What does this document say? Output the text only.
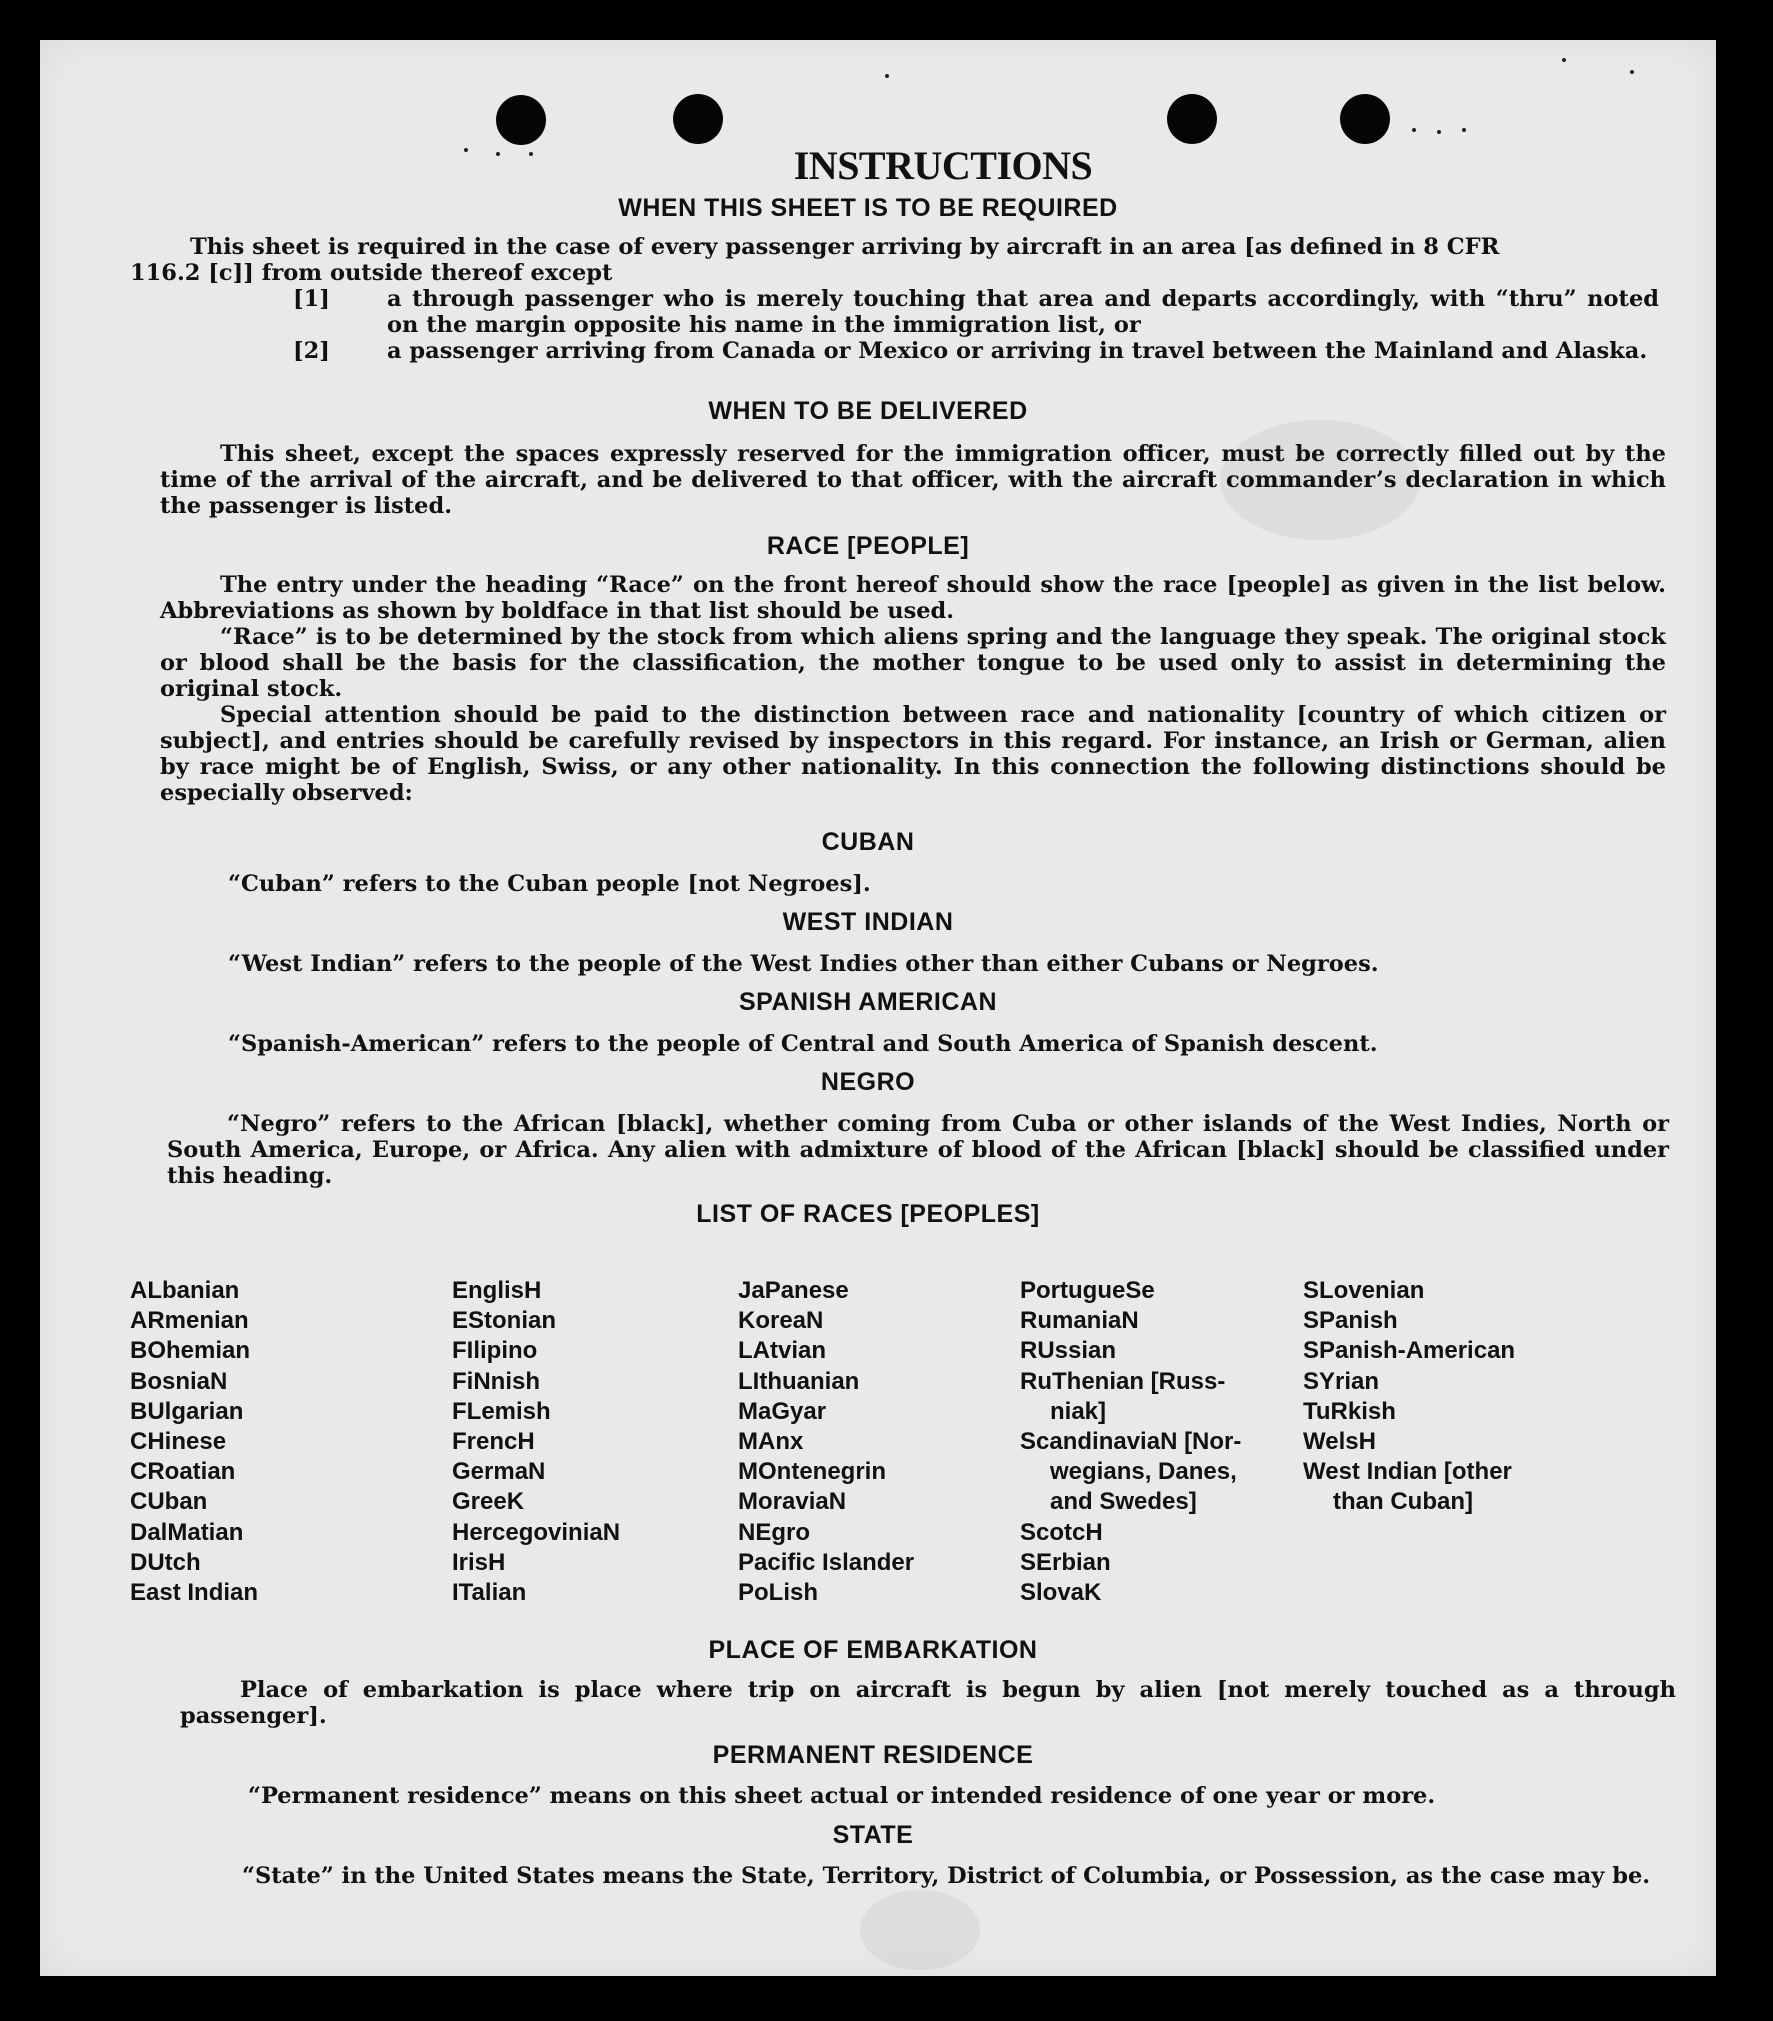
INSTRUCTIONS
WHEN THIS SHEET IS TO BE REQUIRED

This sheet is required in the case of every passenger arriving by aircraft in an area [as defined in 8 CFR
116.2 [c]] from outside thereof except

[1]	a through passenger who is merely touching that area and departs accordingly, with “thru” noted on the margin opposite his name in the immigration list, or
[2]	a passenger arriving from Canada or Mexico or arriving in travel between the Mainland and Alaska.
WHEN TO BE DELIVERED

This sheet, except the spaces expressly reserved for the immigration officer, must be correctly filled out by the time of the arrival of the aircraft, and be delivered to that officer, with the aircraft commander’s declaration in which the passenger is listed.

RACE [PEOPLE]

The entry under the heading “Race” on the front hereof should show the race [people] as given in the list below. Abbreviations as shown by boldface in that list should be used.

“Race” is to be determined by the stock from which aliens spring and the language they speak. The original stock or blood shall be the basis for the classification, the mother tongue to be used only to assist in determining the original stock.

Special attention should be paid to the distinction between race and nationality [country of which citizen or subject], and entries should be carefully revised by inspectors in this regard. For instance, an Irish or German, alien by race might be of English, Swiss, or any other nationality. In this connection the following distinctions should be especially observed:

CUBAN

“Cuban” refers to the Cuban people [not Negroes].

WEST INDIAN

“West Indian” refers to the people of the West Indies other than either Cubans or Negroes.

SPANISH AMERICAN

“Spanish-American” refers to the people of Central and South America of Spanish descent.

NEGRO

“Negro” refers to the African [black], whether coming from Cuba or other islands of the West Indies, North or South America, Europe, or Africa. Any alien with admixture of blood of the African [black] should be classified under this heading.

LIST OF RACES [PEOPLES]
ALbanian
ARmenian
BOhemian
BosniaN
BUlgarian
CHinese
CRoatian
CUban
DalMatian
DUtch
East Indian
EnglisH
EStonian
FIlipino
FiNnish
FLemish
FrencH
GermaN
GreeK
HercegoviniaN
IrisH
ITalian
JaPanese
KoreaN
LAtvian
LIthuanian
MaGyar
MAnx
MOntenegrin
MoraviaN
NEgro
Pacific Islander
PoLish
PortugueSe
RumaniaN
RUssian
RuThenian [Russ-
niak]
ScandinaviaN [Nor-
wegians, Danes,
and Swedes]
ScotcH
SErbian
SlovaK
SLovenian
SPanish
SPanish-American
SYrian
TuRkish
WelsH
West Indian [other
than Cuban]
PLACE OF EMBARKATION

Place of embarkation is place where trip on aircraft is begun by alien [not merely touched as a through passenger].

PERMANENT RESIDENCE

“Permanent residence” means on this sheet actual or intended residence of one year or more.

STATE

“State” in the United States means the State, Territory, District of Columbia, or Possession, as the case may be.
